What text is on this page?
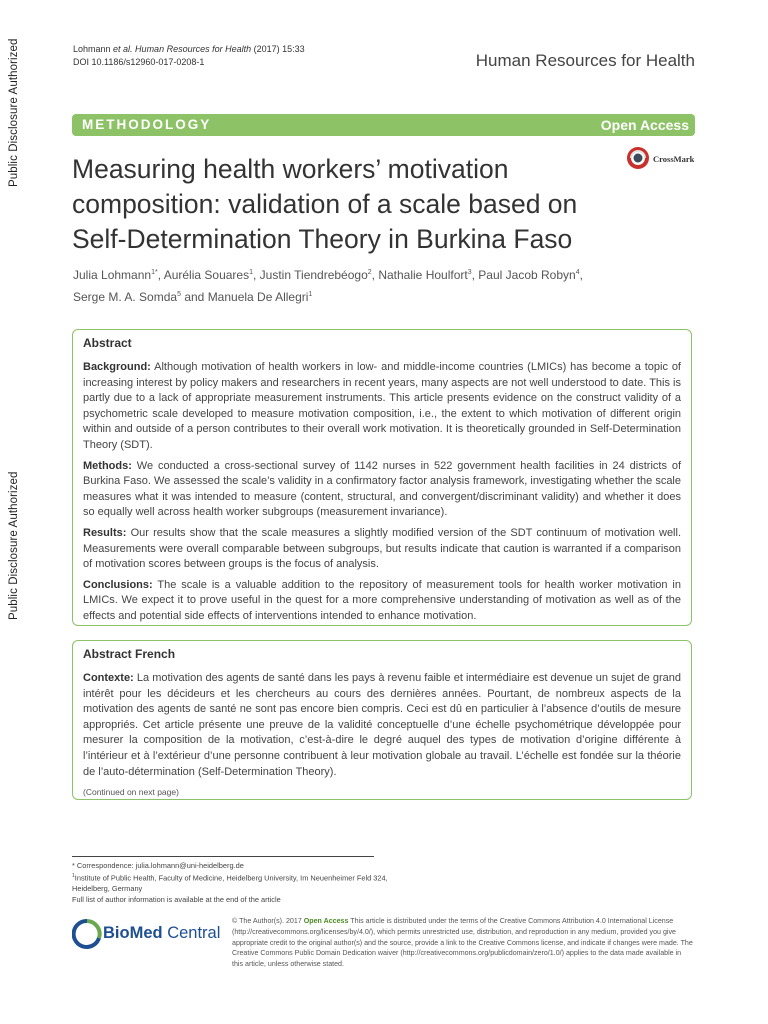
Public Disclosure Authorized
Public Disclosure Authorized
Lohmann et al. Human Resources for Health (2017) 15:33
DOI 10.1186/s12960-017-0208-1	Human Resources for Health
METHODOLOGY	Open Access
Measuring health workers’ motivation composition: validation of a scale based on Self-Determination Theory in Burkina Faso
CrossMark
Julia Lohmann$^{1*}$, Aurélia Souares$^1$, Justin Tiendrebéogo$^2$, Nathalie Houlfort$^3$, Paul Jacob Robyn$^4$,
Serge M. A. Somda$^5$ and Manuela De Allegri$^1$
Abstract

Background: Although motivation of health workers in low- and middle-income countries (LMICs) has become a topic of increasing interest by policy makers and researchers in recent years, many aspects are not well understood to date. This is partly due to a lack of appropriate measurement instruments. This article presents evidence on the construct validity of a psychometric scale developed to measure motivation composition, i.e., the extent to which motivation of different origin within and outside of a person contributes to their overall work motivation. It is theoretically grounded in Self-Determination Theory (SDT).

Methods: We conducted a cross-sectional survey of 1142 nurses in 522 government health facilities in 24 districts of Burkina Faso. We assessed the scale’s validity in a confirmatory factor analysis framework, investigating whether the scale measures what it was intended to measure (content, structural, and convergent/discriminant validity) and whether it does so equally well across health worker subgroups (measurement invariance).

Results: Our results show that the scale measures a slightly modified version of the SDT continuum of motivation well. Measurements were overall comparable between subgroups, but results indicate that caution is warranted if a comparison of motivation scores between groups is the focus of analysis.

Conclusions: The scale is a valuable addition to the repository of measurement tools for health worker motivation in LMICs. We expect it to prove useful in the quest for a more comprehensive understanding of motivation as well as of the effects and potential side effects of interventions intended to enhance motivation.

Abstract French

Contexte: La motivation des agents de santé dans les pays à revenu faible et intermédiaire est devenue un sujet de grand intérêt pour les décideurs et les chercheurs au cours des dernières années. Pourtant, de nombreux aspects de la motivation des agents de santé ne sont pas encore bien compris. Ceci est dû en particulier à l’absence d’outils de mesure appropriés. Cet article présente une preuve de la validité conceptuelle d’une échelle psychométrique développée pour mesurer la composition de la motivation, c’est-à-dire le degré auquel des types de motivation d’origine différente à l’intérieur et à l’extérieur d’une personne contribuent à leur motivation globale au travail. L’échelle est fondée sur la théorie de l’auto-détermination (Self-Determination Theory).

(Continued on next page)
* Correspondence: julia.lohmann@uni-heidelberg.de
$^1$Institute of Public Health, Faculty of Medicine, Heidelberg University, Im Neuenheimer Feld 324, Heidelberg, Germany
Full list of author information is available at the end of the article
BioMed Central
© The Author(s). 2017 Open Access This article is distributed under the terms of the Creative Commons Attribution 4.0 International License (http://creativecommons.org/licenses/by/4.0/), which permits unrestricted use, distribution, and reproduction in any medium, provided you give appropriate credit to the original author(s) and the source, provide a link to the Creative Commons license, and indicate if changes were made. The Creative Commons Public Domain Dedication waiver (http://creativecommons.org/publicdomain/zero/1.0/) applies to the data made available in this article, unless otherwise stated.
